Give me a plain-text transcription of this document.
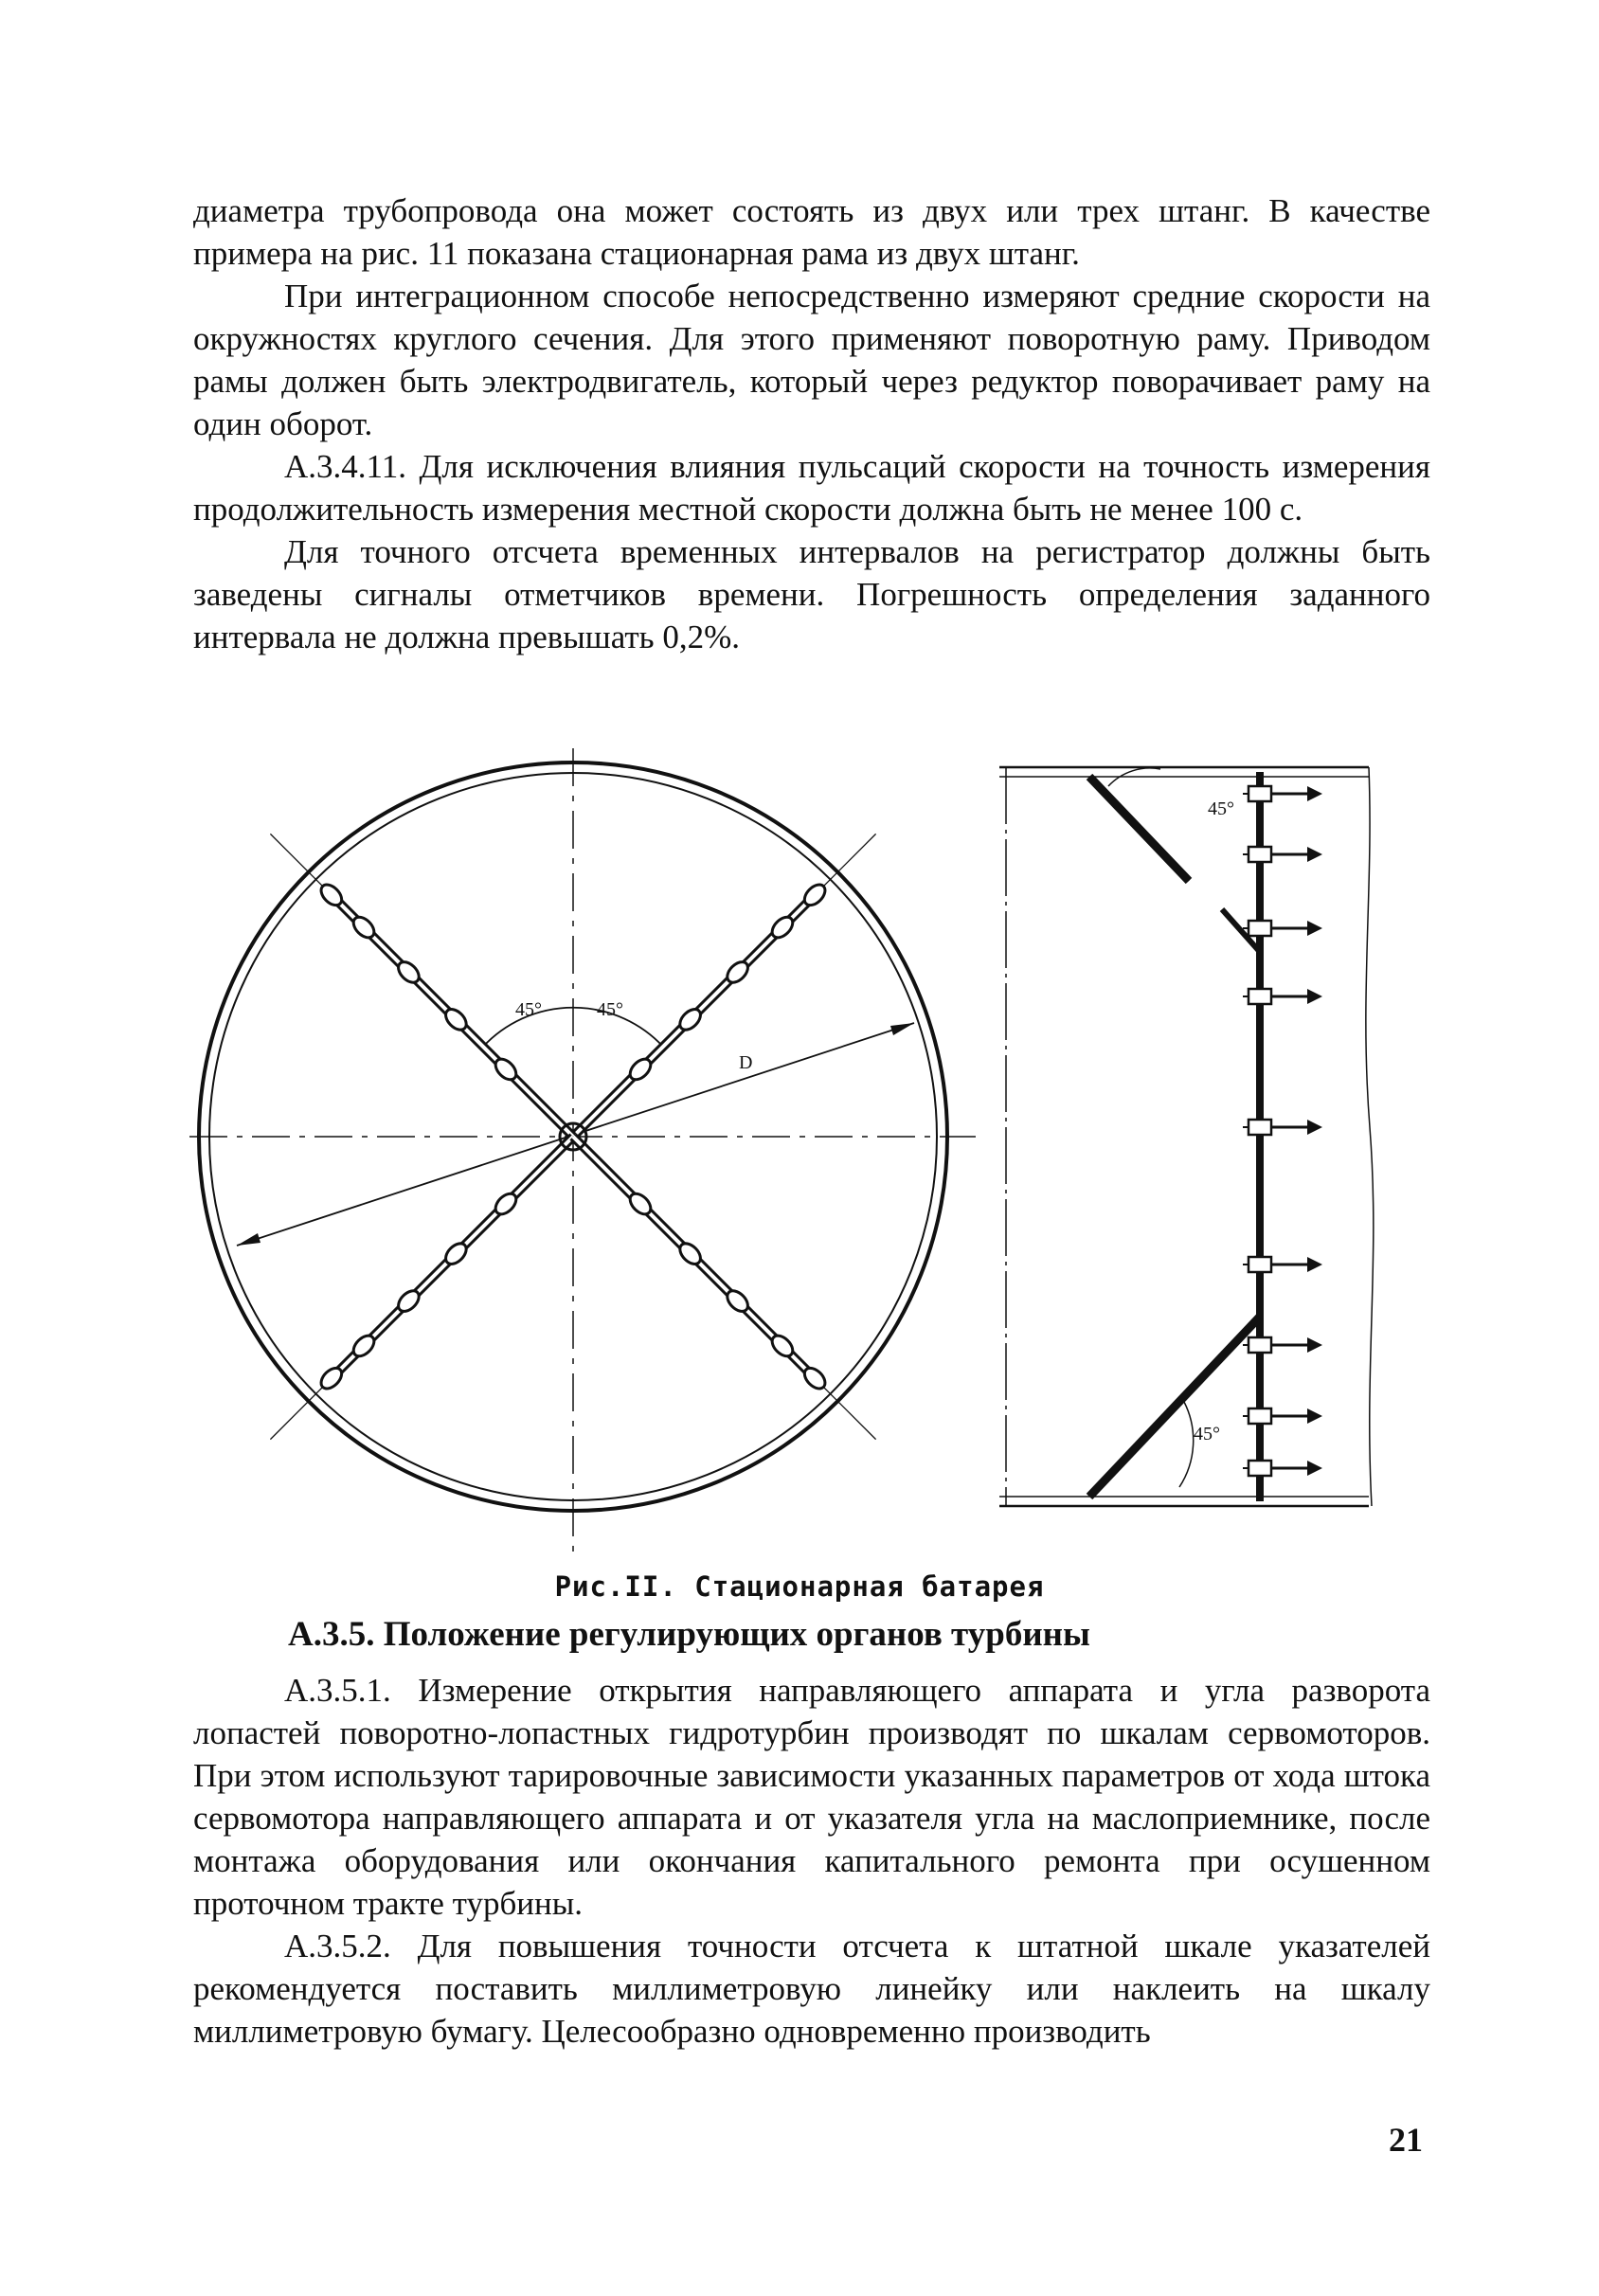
диаметра трубопровода она может состоять из двух или трех штанг. В качестве примера на рис. 11 показана стационарная рама из двух штанг.

При интеграционном способе непосредственно измеряют средние скорости на окружностях круглого сечения. Для этого применяют поворотную раму. Приводом рамы должен быть электродвигатель, который через редуктор поворачивает раму на один оборот.

А.3.4.11. Для исключения влияния пульсаций скорости на точность измерения продолжительность измерения местной скорости должна быть не менее 100 с.

Для точного отсчета временных интервалов на регистратор должны быть заведены сигналы отметчиков времени. Погрешность определения заданного интервала не должна превышать 0,2%.

D
45°	45°
45°
45°
Рис.II. Стационарная батарея
А.3.5. Положение регулирующих органов турбины

А.3.5.1. Измерение открытия направляющего аппарата и угла разворота лопастей поворотно-лопастных гидротурбин производят по шкалам сервомоторов. При этом используют тарировочные зависимости указанных параметров от хода штока сервомотора направляющего аппарата и от указателя угла на маслоприемнике, после монтажа оборудования или окончания капитального ремонта при осушенном проточном тракте турбины.

А.3.5.2. Для повышения точности отсчета к штатной шкале указателей рекомендуется поставить миллиметровую линейку или наклеить на шкалу миллиметровую бумагу. Целесообразно одновременно производить

21
